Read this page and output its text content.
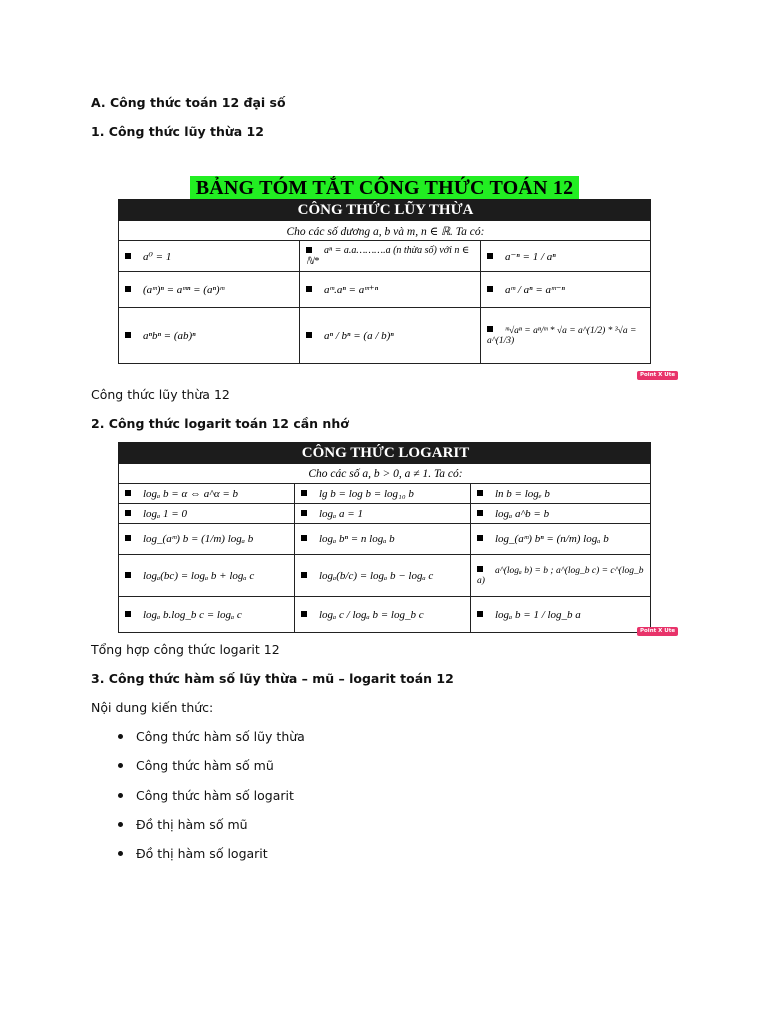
A. Công thức toán 12 đại số
1. Công thức lũy thừa 12
BẢNG TÓM TẮT CÔNG THỨC TOÁN 12
CÔNG THỨC LŨY THỪA		
Cho các số dương a, b và m, n ∈ ℝ. Ta có:		
a⁰ = 1	aⁿ = a.a……….a (n thừa số) với n ∈ ℕ*	a⁻ⁿ = 1 / aⁿ
(aᵐ)ⁿ = aᵐⁿ = (aⁿ)ᵐ	aᵐ.aⁿ = aᵐ⁺ⁿ	aᵐ / aⁿ = aᵐ⁻ⁿ
aⁿbⁿ = (ab)ⁿ	aⁿ / bⁿ = (a / b)ⁿ	ᵐ√aⁿ = aⁿ/ᵐ * √a = a^(1/2) * ³√a = a^(1/3)
Point X Ute
Công thức lũy thừa 12
2. Công thức logarit toán 12 cần nhớ
CÔNG THỨC LOGARIT		
Cho các số a, b > 0, a ≠ 1. Ta có:		
logₐ b = α ⇔ a^α = b	lg b = log b = log₁₀ b	ln b = logₑ b
logₐ 1 = 0	logₐ a = 1	logₐ a^b = b
log_(aᵐ) b = (1/m) logₐ b	logₐ bⁿ = n logₐ b	log_(aᵐ) bⁿ = (n/m) logₐ b
logₐ(bc) = logₐ b + logₐ c	logₐ(b/c) = logₐ b − logₐ c	a^(logₐ b) = b ; a^(log_b c) = c^(log_b a)
logₐ b.log_b c = logₐ c	logₐ c / logₐ b = log_b c	logₐ b = 1 / log_b a
Point X Ute
Tổng hợp công thức logarit 12
3. Công thức hàm số lũy thừa – mũ – logarit toán 12
Nội dung kiến thức:
Công thức hàm số lũy thừa
Công thức hàm số mũ
Công thức hàm số logarit
Đồ thị hàm số mũ
Đồ thị hàm số logarit
